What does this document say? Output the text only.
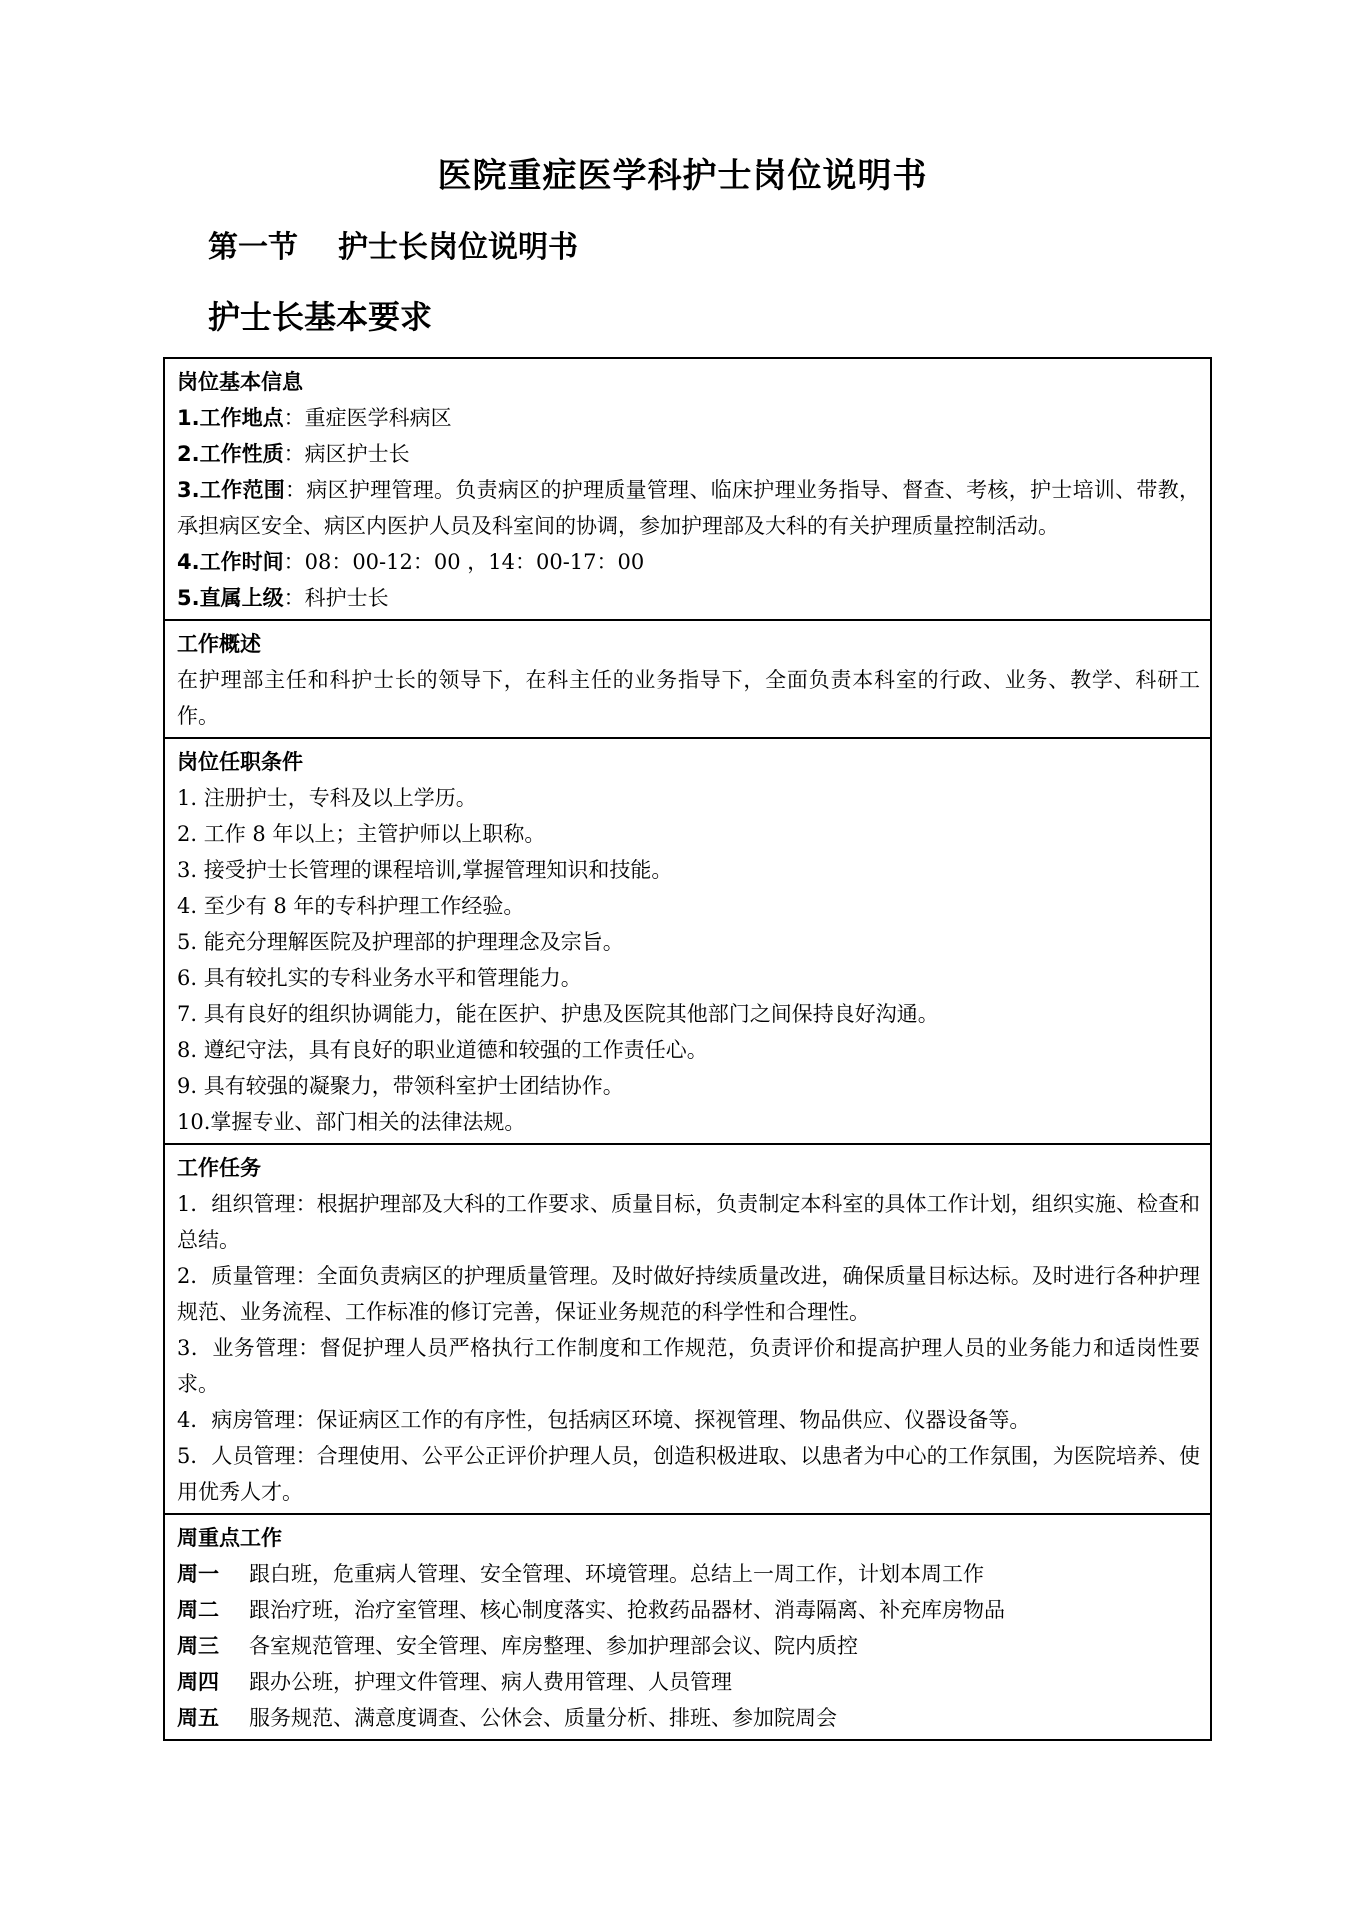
医院重症医学科护士岗位说明书
第一节 护士长岗位说明书
护士长基本要求
岗位基本信息
1.工作地点：重症医学科病区
2.工作性质：病区护士长
3.工作范围：病区护理管理。负责病区的护理质量管理、临床护理业务指导、督查、考核，护士培训、带教，承担病区安全、病区内医护人员及科室间的协调，参加护理部及大科的有关护理质量控制活动。
4.工作时间：08：00-12：00 ，14：00-17：00
5.直属上级：科护士长
工作概述
在护理部主任和科护士长的领导下，在科主任的业务指导下，全面负责本科室的行政、业务、教学、科研工作。
岗位任职条件
1. 注册护士，专科及以上学历。
2. 工作 8 年以上；主管护师以上职称。
3. 接受护士长管理的课程培训,掌握管理知识和技能。
4. 至少有 8 年的专科护理工作经验。
5. 能充分理解医院及护理部的护理理念及宗旨。
6. 具有较扎实的专科业务水平和管理能力。
7. 具有良好的组织协调能力，能在医护、护患及医院其他部门之间保持良好沟通。
8. 遵纪守法，具有良好的职业道德和较强的工作责任心。
9. 具有较强的凝聚力，带领科室护士团结协作。
10.掌握专业、部门相关的法律法规。
工作任务
1．组织管理：根据护理部及大科的工作要求、质量目标，负责制定本科室的具体工作计划，组织实施、检查和总结。
2．质量管理：全面负责病区的护理质量管理。及时做好持续质量改进，确保质量目标达标。及时进行各种护理规范、业务流程、工作标准的修订完善，保证业务规范的科学性和合理性。
3．业务管理：督促护理人员严格执行工作制度和工作规范，负责评价和提高护理人员的业务能力和适岗性要求。
4．病房管理：保证病区工作的有序性，包括病区环境、探视管理、物品供应、仪器设备等。
5．人员管理：合理使用、公平公正评价护理人员，创造积极进取、以患者为中心的工作氛围，为医院培养、使用优秀人才。
周重点工作
周一 跟白班，危重病人管理、安全管理、环境管理。总结上一周工作，计划本周工作
周二 跟治疗班，治疗室管理、核心制度落实、抢救药品器材、消毒隔离、补充库房物品
周三 各室规范管理、安全管理、库房整理、参加护理部会议、院内质控
周四 跟办公班，护理文件管理、病人费用管理、人员管理
周五 服务规范、满意度调查、公休会、质量分析、排班、参加院周会
